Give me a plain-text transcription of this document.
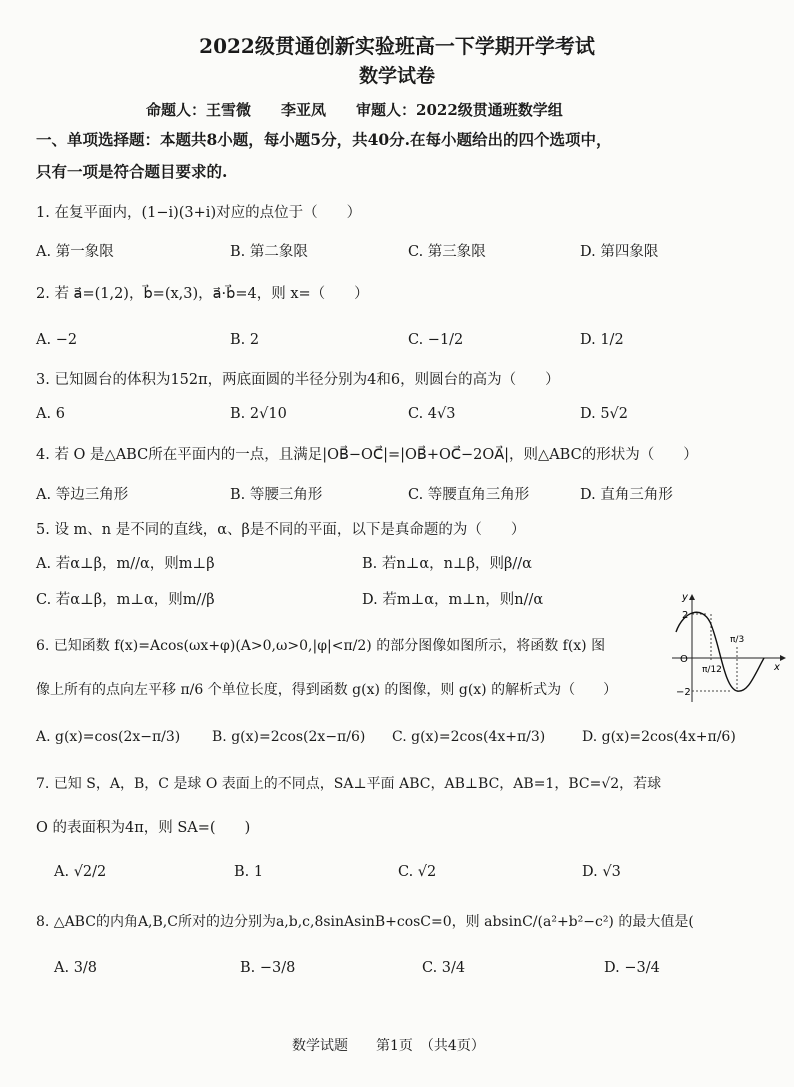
2022级贯通创新实验班高一下学期开学考试
数学试卷
命题人：王雪微　　李亚凤　　审题人：2022级贯通班数学组
一、单项选择题：本题共8小题，每小题5分，共40分.在每小题给出的四个选项中，
只有一项是符合题目要求的.
1. 在复平面内，(1−i)(3+i)对应的点位于（　　）
A. 第一象限	B. 第二象限	C. 第三象限	D. 第四象限
2. 若 a⃗=(1,2)，b⃗=(x,3)，a⃗·b⃗=4，则 x=（　　）
A. −2	B. 2	C. −1/2	D. 1/2
3. 已知圆台的体积为152π，两底面圆的半径分别为4和6，则圆台的高为（　　）
A. 6	B. 2√10	C. 4√3	D. 5√2
4. 若 O 是△ABC所在平面内的一点，且满足|OB⃗−OC⃗|=|OB⃗+OC⃗−2OA⃗|，则△ABC的形状为（　　）
A. 等边三角形	B. 等腰三角形	C. 等腰直角三角形	D. 直角三角形
5. 设 m、n 是不同的直线，α、β是不同的平面，以下是真命题的为（　　）
A. 若α⊥β，m//α，则m⊥β	B. 若n⊥α，n⊥β，则β//α
C. 若α⊥β，m⊥α，则m//β	D. 若m⊥α，m⊥n，则n//α
6. 已知函数 f(x)=Acos(ωx+φ)(A>0,ω>0,|φ|<π/2) 的部分图像如图所示，将函数 f(x) 图
像上所有的点向左平移 π/6 个单位长度，得到函数 g(x) 的图像，则 g(x) 的解析式为（　　）
2
−2
O
x
y
π/12
π/3
A. g(x)=cos(2x−π/3) B. g(x)=2cos(2x−π/6) C. g(x)=2cos(4x+π/3)	D. g(x)=2cos(4x+π/6)
7. 已知 S，A，B，C 是球 O 表面上的不同点，SA⊥平面 ABC，AB⊥BC，AB=1，BC=√2，若球
O 的表面积为4π，则 SA=(　　)
A. √2/2	B. 1	C. √2	D. √3
8. △ABC的内角A,B,C所对的边分别为a,b,c,8sinAsinB+cosC=0，则 absinC/(a²+b²−c²) 的最大值是(
A. 3/8	B. −3/8	C. 3/4	D. −3/4
数学试题　　第1页　（共4页）
